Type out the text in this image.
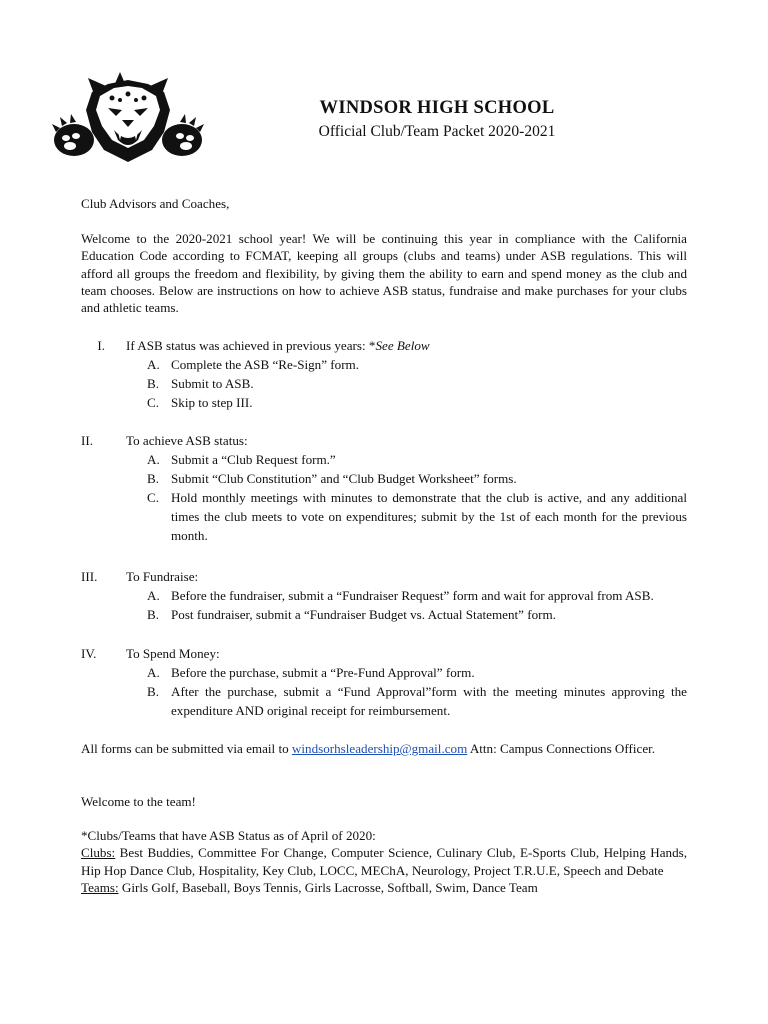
WINDSOR HIGH SCHOOL

Official Club/Team Packet 2020-2021

Club Advisors and Coaches,
Welcome to the 2020-2021 school year! We will be continuing this year in compliance with the California Education Code according to FCMAT, keeping all groups (clubs and teams) under ASB regulations. This will afford all groups the freedom and flexibility, by giving them the ability to earn and spend money as the club and team chooses. Below are instructions on how to achieve ASB status, fundraise and make purchases for your clubs and athletic teams.
I. If ASB status was achieved in previous years: *See Below
A. Complete the ASB “Re-Sign” form.
B. Submit to ASB.
C. Skip to step III.
II.	To achieve ASB status:
A. Submit a “Club Request form.”
B. Submit “Club Constitution” and “Club Budget Worksheet” forms.
C. Hold monthly meetings with minutes to demonstrate that the club is active, and any additional times the club meets to vote on expenditures; submit by the 1st of each month for the previous month.
III.	To Fundraise:
A. Before the fundraiser, submit a “Fundraiser Request” form and wait for approval from ASB.
B. Post fundraiser, submit a “Fundraiser Budget vs. Actual Statement” form.
IV.	To Spend Money:
A. Before the purchase, submit a “Pre-Fund Approval” form.
B. After the purchase, submit a “Fund Approval”form with the meeting minutes approving the expenditure AND original receipt for reimbursement.
All forms can be submitted via email to windsorhsleadership@gmail.com Attn: Campus Connections Officer.
Welcome to the team!

*Clubs/Teams that have ASB Status as of April of 2020:

Clubs: Best Buddies, Committee For Change, Computer Science, Culinary Club, E-Sports Club, Helping Hands, Hip Hop Dance Club, Hospitality, Key Club, LOCC, MEChA, Neurology, Project T.R.U.E, Speech and Debate

Teams: Girls Golf, Baseball, Boys Tennis, Girls Lacrosse, Softball, Swim, Dance Team
